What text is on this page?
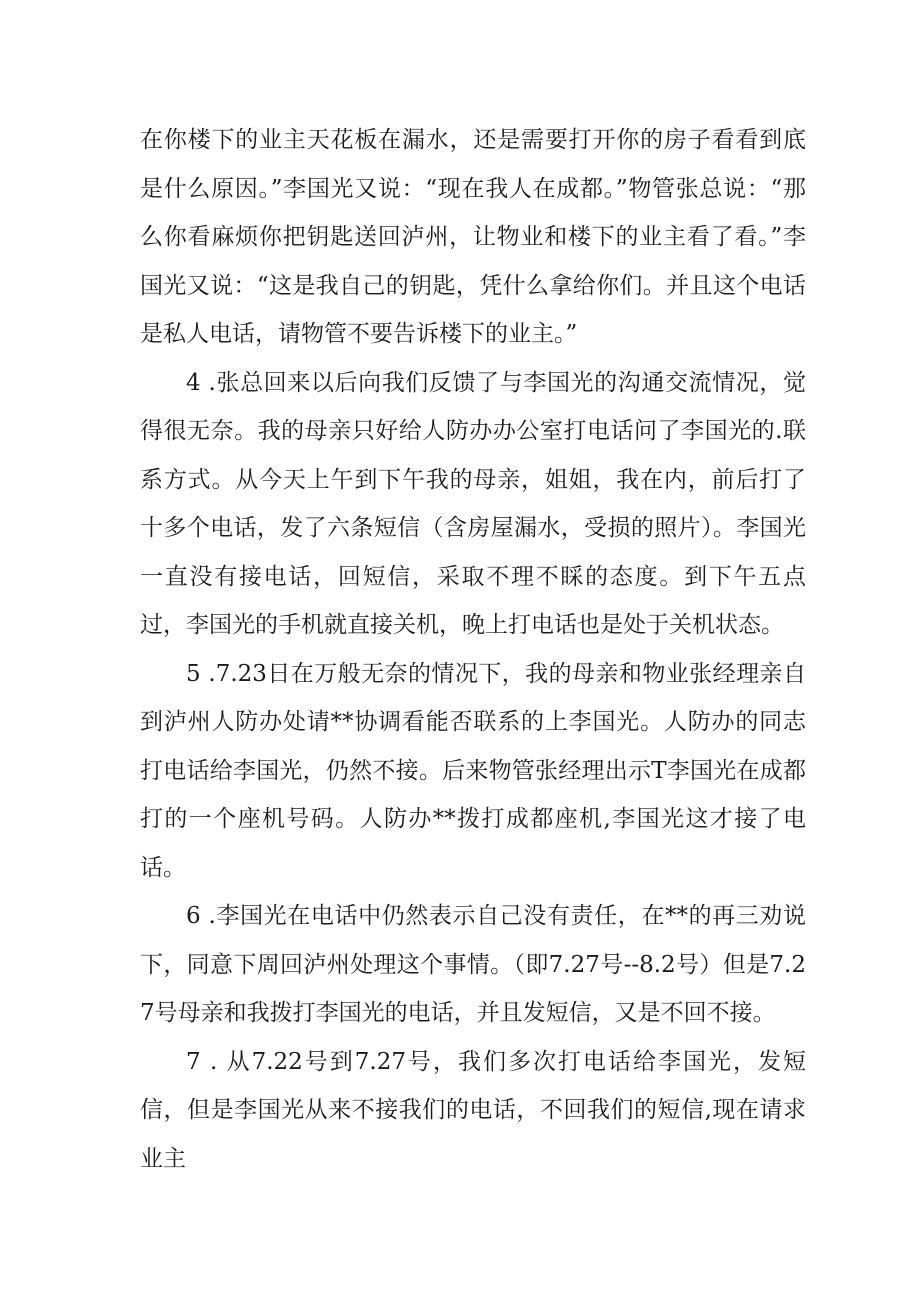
在你楼下的业主天花板在漏水，还是需要打开你的房子看看到底是什么原因。”李国光又说：“现在我人在成都。”物管张总说：“那么你看麻烦你把钥匙送回泸州，让物业和楼下的业主看了看。”李国光又说：“这是我自己的钥匙，凭什么拿给你们。并且这个电话是私人电话，请物管不要告诉楼下的业主。”

4 .张总回来以后向我们反馈了与李国光的沟通交流情况，觉得很无奈。我的母亲只好给人防办办公室打电话问了李国光的.联系方式。从今天上午到下午我的母亲，姐姐，我在内，前后打了十多个电话，发了六条短信（含房屋漏水，受损的照片）。李国光一直没有接电话，回短信，采取不理不睬的态度。到下午五点过，李国光的手机就直接关机，晚上打电话也是处于关机状态。

5 .7.23日在万般无奈的情况下，我的母亲和物业张经理亲自到泸州人防办处请**协调看能否联系的上李国光。人防办的同志打电话给李国光，仍然不接。后来物管张经理出示T李国光在成都打的一个座机号码。人防办**拨打成都座机,李国光这才接了电话。

6 .李国光在电话中仍然表示自己没有责任，在**的再三劝说下，同意下周回泸州处理这个事情。（即7.27号--8.2号）但是7.27号母亲和我拨打李国光的电话，并且发短信，又是不回不接。

7 . 从7.22号到7.27号，我们多次打电话给李国光，发短信，但是李国光从来不接我们的电话，不回我们的短信,现在请求业主
